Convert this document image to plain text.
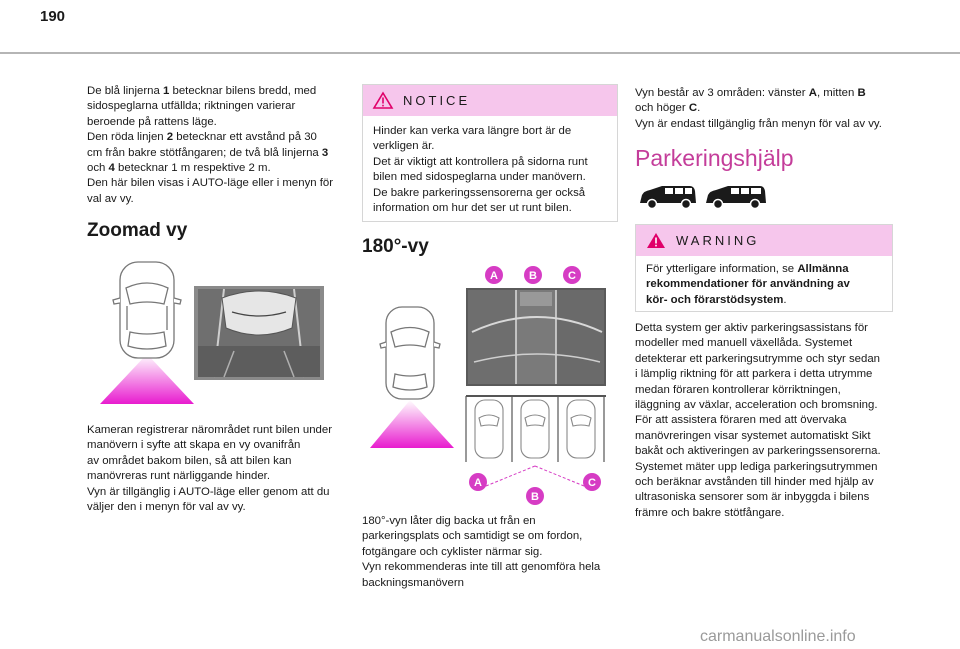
190

De blå linjerna 1 betecknar bilens bredd, med

sidospeglarna utfällda; riktningen varierar

beroende på rattens läge.

Den röda linjen 2 betecknar ett avstånd på 30

cm från bakre stötfångaren; de två blå linjerna 3

och 4 betecknar 1 m respektive 2 m.

Den här bilen visas i AUTO-läge eller i menyn för

val av vy.

Zoomad vy

Kameran registrerar närområdet runt bilen under

manövern i syfte att skapa en vy ovanifrån

av området bakom bilen, så att bilen kan

manövreras runt närliggande hinder.

Vyn är tillgänglig i AUTO-läge eller genom att du

väljer den i menyn för val av vy.

NOTICE

Hinder kan verka vara längre bort är de

verkligen är.

Det är viktigt att kontrollera på sidorna runt

bilen med sidospeglarna under manövern.

De bakre parkeringssensorerna ger också

information om hur det ser ut runt bilen.

180°-vy
A	B	C
A
B
C

180°-vyn låter dig backa ut från en

parkeringsplats och samtidigt se om fordon,

fotgängare och cyklister närmar sig.

Vyn rekommenderas inte till att genomföra hela

backningsmanövern

Vyn består av 3 områden: vänster A, mitten B

och höger C.

Vyn är endast tillgänglig från menyn för val av vy.

Parkeringshjälp
WARNING

För ytterligare information, se Allmänna

rekommendationer för användning av

kör- och förarstödsystem.

Detta system ger aktiv parkeringsassistans för

modeller med manuell växellåda. Systemet

detekterar ett parkeringsutrymme och styr sedan

i lämplig riktning för att parkera i detta utrymme

medan föraren kontrollerar körriktningen,

iläggning av växlar, acceleration och bromsning.

För att assistera föraren med att övervaka

manövreringen visar systemet automatiskt Sikt

bakåt och aktiveringen av parkeringssensorerna.

Systemet mäter upp lediga parkeringsutrymmen

och beräknar avstånden till hinder med hjälp av

ultrasoniska sensorer som är inbyggda i bilens

främre och bakre stötfångare.

carmanualsonline.info
